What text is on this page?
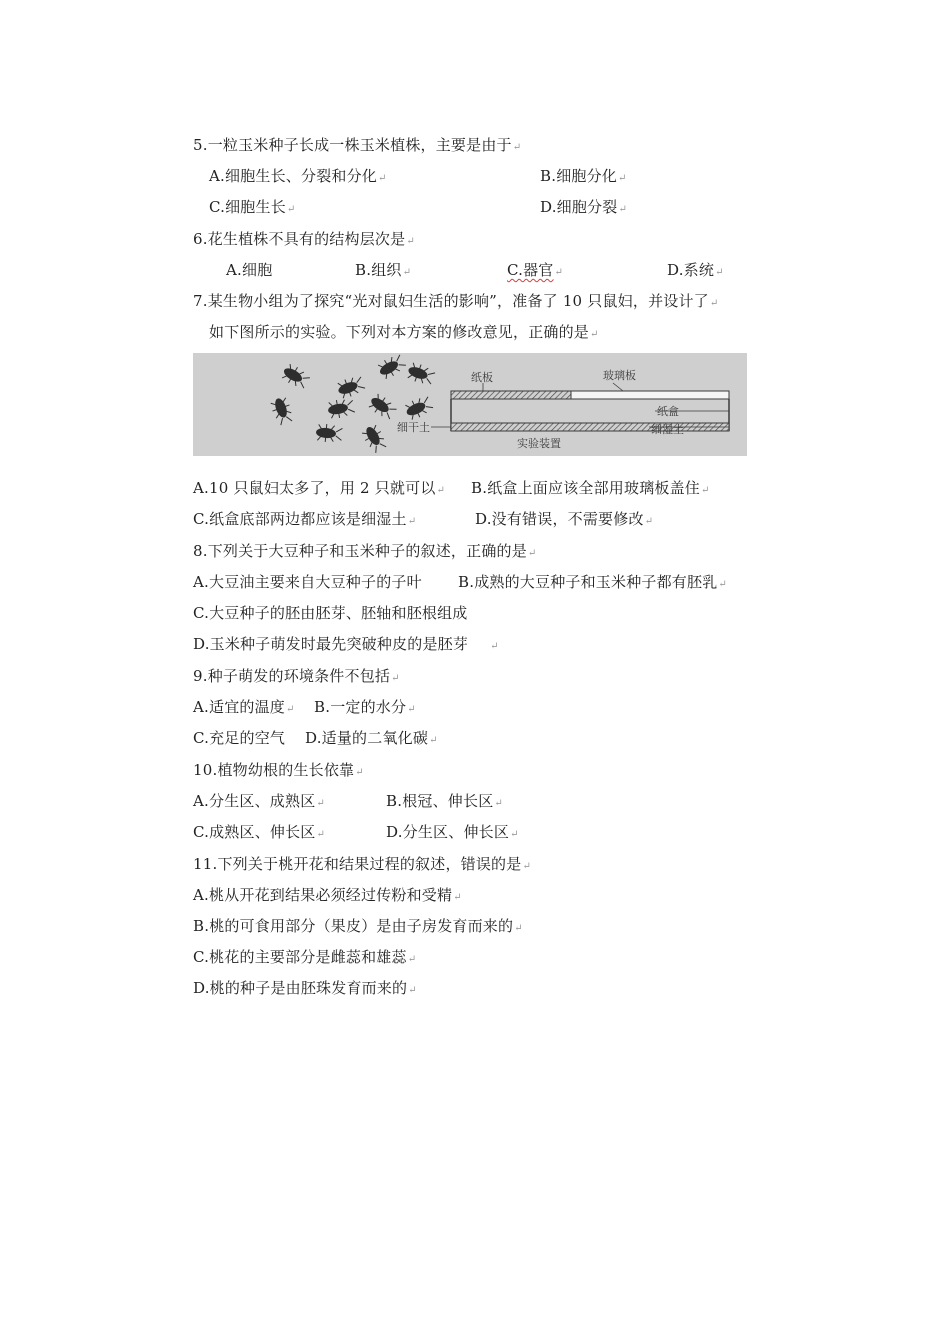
5.一粒玉米种子长成一株玉米植株，主要是由于↵
A.细胞生长、分裂和分化↵	B.细胞分化↵
C.细胞生长↵	D.细胞分裂↵
6.花生植株不具有的结构层次是↵
A.细胞	B.组织↵	C.器官↵	D.系统↵
7.某生物小组为了探究“光对鼠妇生活的影响”，准备了 10 只鼠妇，并设计了↵
如下图所示的实验。下列对本方案的修改意见，正确的是↵
纸板	玻璃板
纸盒
细湿土
细干土
实验装置
A.10 只鼠妇太多了，用 2 只就可以↵ B.纸盒上面应该全部用玻璃板盖住↵
C.纸盒底部两边都应该是细湿土↵	D.没有错误，不需要修改↵
8.下列关于大豆种子和玉米种子的叙述，正确的是↵
A.大豆油主要来自大豆种子的子叶 B.成熟的大豆种子和玉米种子都有胚乳↵
C.大豆种子的胚由胚芽、胚轴和胚根组成
D.玉米种子萌发时最先突破种皮的是胚芽 ↵
9.种子萌发的环境条件不包括↵
A.适宜的温度↵ B.一定的水分↵
C.充足的空气 D.适量的二氧化碳↵
10.植物幼根的生长依靠↵
A.分生区、成熟区↵	B.根冠、伸长区↵
C.成熟区、伸长区↵	D.分生区、伸长区↵
11.下列关于桃开花和结果过程的叙述，错误的是↵
A.桃从开花到结果必须经过传粉和受精↵
B.桃的可食用部分（果皮）是由子房发育而来的↵
C.桃花的主要部分是雌蕊和雄蕊↵
D.桃的种子是由胚珠发育而来的↵
